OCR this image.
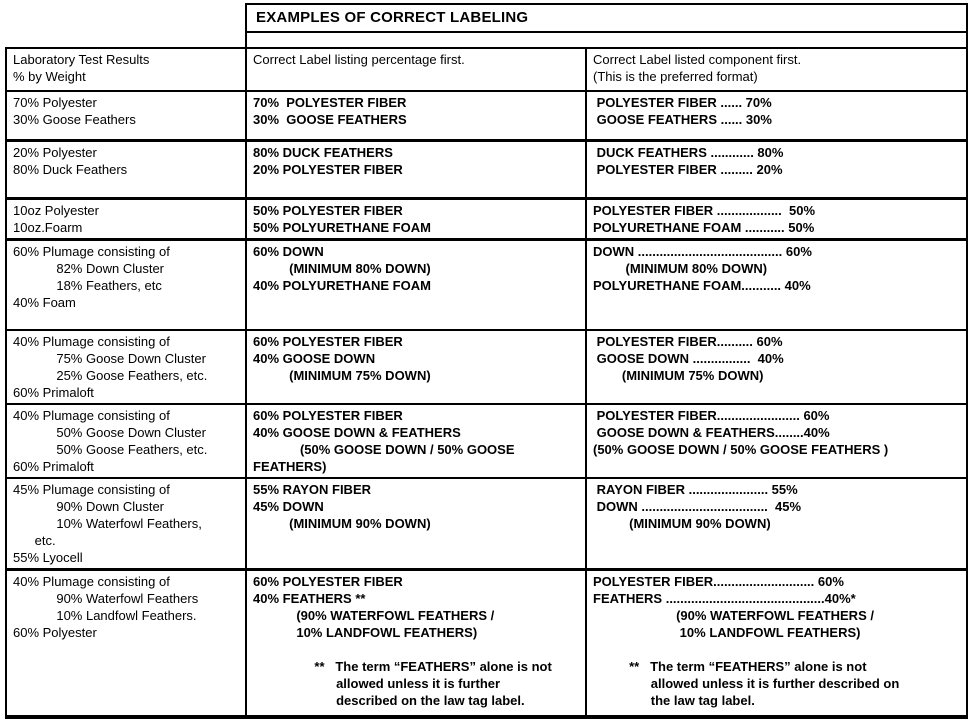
EXAMPLES OF CORRECT LABELING
Laboratory Test Results
% by Weight
Correct Label listing percentage first.	Correct Label listed component first.
(This is the preferred format)
70% Polyester
30% Goose Feathers
70%  POLYESTER FIBER
30%  GOOSE FEATHERS
POLYESTER FIBER ...... 70%
GOOSE FEATHERS ...... 30%
20% Polyester
80% Duck Feathers
80% DUCK FEATHERS
20% POLYESTER FIBER
DUCK FEATHERS ............ 80%
POLYESTER FIBER ......... 20%
10oz Polyester
10oz.Foarm
50% POLYESTER FIBER
50% POLYURETHANE FOAM
POLYESTER FIBER ..................  50%
POLYURETHANE FOAM ........... 50%
60% Plumage consisting of
82% Down Cluster
18% Feathers, etc
40% Foam
60% DOWN
(MINIMUM 80% DOWN)
40% POLYURETHANE FOAM
DOWN ........................................ 60%
(MINIMUM 80% DOWN)
POLYURETHANE FOAM........... 40%
40% Plumage consisting of
75% Goose Down Cluster
25% Goose Feathers, etc.
60% Primaloft
60% POLYESTER FIBER
40% GOOSE DOWN
(MINIMUM 75% DOWN)
POLYESTER FIBER.......... 60%
GOOSE DOWN ................  40%
(MINIMUM 75% DOWN)
40% Plumage consisting of
50% Goose Down Cluster
50% Goose Feathers, etc.
60% Primaloft
60% POLYESTER FIBER
40% GOOSE DOWN & FEATHERS
(50% GOOSE DOWN / 50% GOOSE
FEATHERS)
POLYESTER FIBER....................... 60%
GOOSE DOWN & FEATHERS........40%
(50% GOOSE DOWN / 50% GOOSE FEATHERS )
45% Plumage consisting of
90% Down Cluster
10% Waterfowl Feathers,
etc.
55% Lyocell
55% RAYON FIBER
45% DOWN
(MINIMUM 90% DOWN)
RAYON FIBER ...................... 55%
DOWN ...................................  45%
(MINIMUM 90% DOWN)
40% Plumage consisting of
90% Waterfowl Feathers
10% Landfowl Feathers.
60% Polyester
60% POLYESTER FIBER
40% FEATHERS **
(90% WATERFOWL FEATHERS /
10% LANDFOWL FEATHERS)
**   The term “FEATHERS” alone is not
allowed unless it is further
described on the law tag label.
POLYESTER FIBER............................ 60%
FEATHERS ............................................40%*
(90% WATERFOWL FEATHERS /
10% LANDFOWL FEATHERS)
**   The term “FEATHERS” alone is not
allowed unless it is further described on
the law tag label.
